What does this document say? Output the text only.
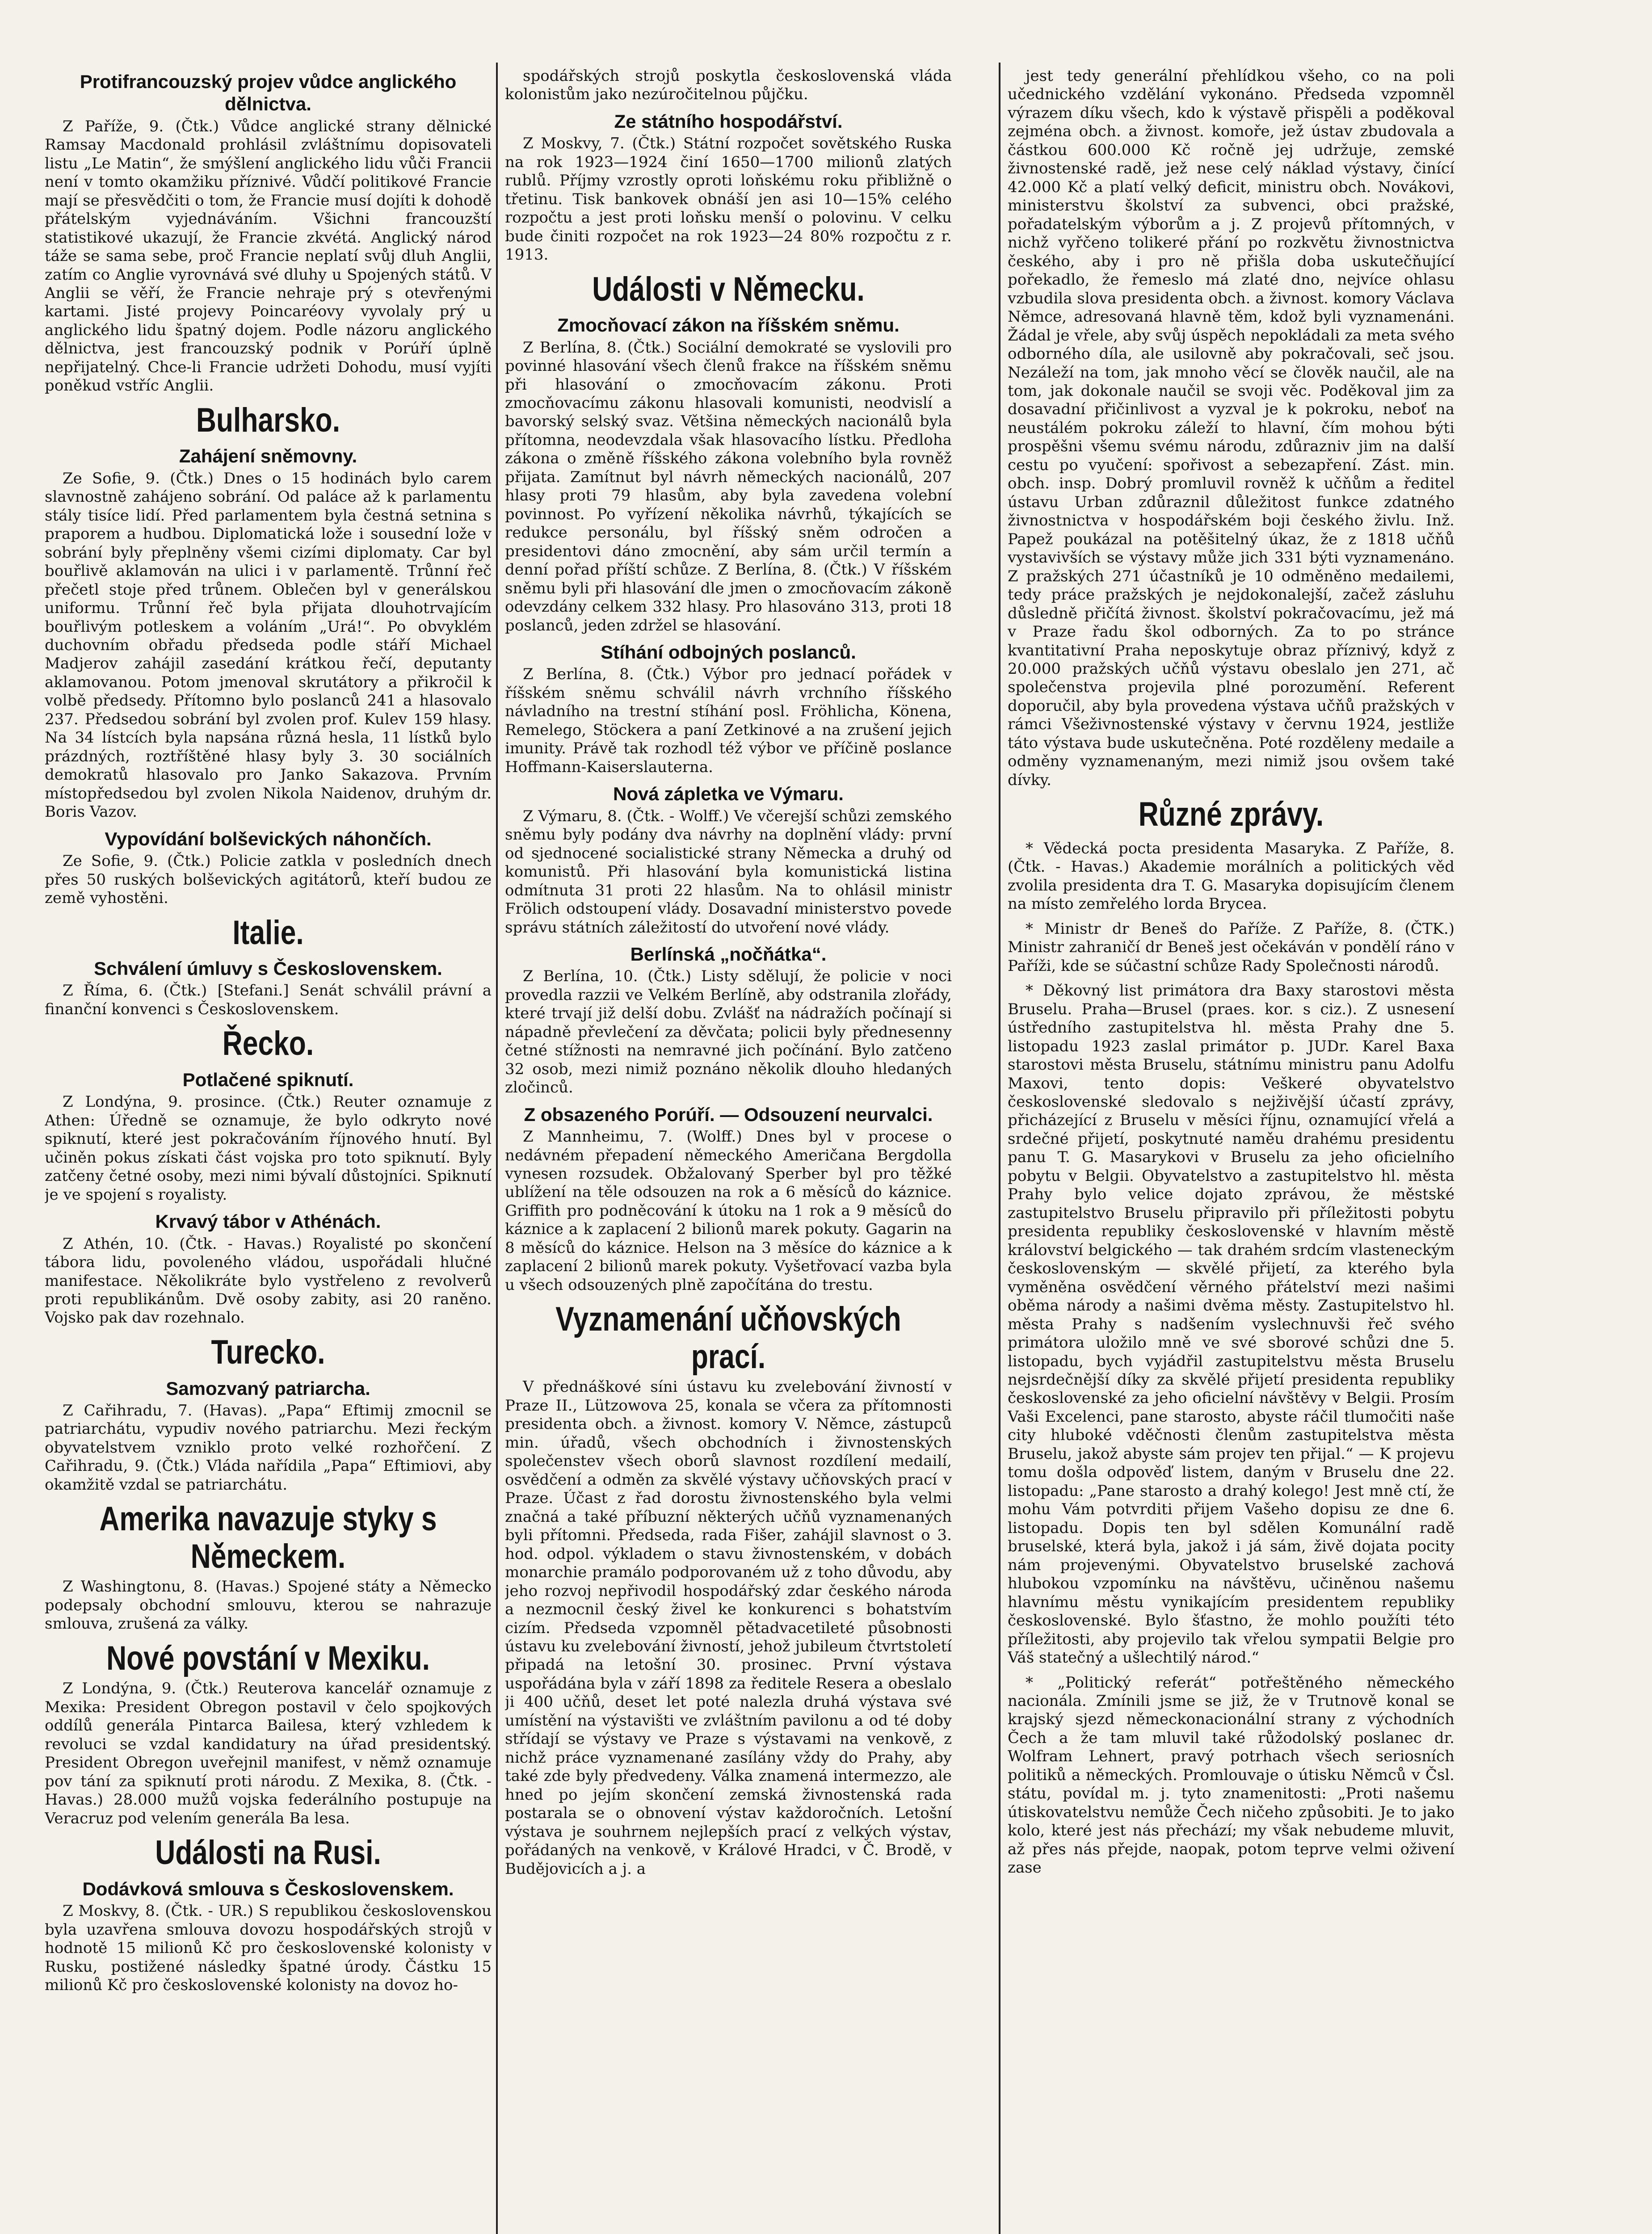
Protifrancouzský projev vůdce anglického dělnictva.

Z Paříže, 9. (Čtk.) Vůdce anglické strany dělnické Ramsay Macdonald prohlásil zvláštnímu dopisovateli listu „Le Matin“, že smýšlení anglického lidu vůči Francii není v tomto okamžiku příznivé. Vůdčí politikové Francie mají se přesvědčiti o tom, že Francie musí dojíti k dohodě přátelským vyjednáváním. Všichni francouzští statistikové ukazují, že Francie zkvétá. Anglický národ táže se sama sebe, proč Francie neplatí svůj dluh Anglii, zatím co Anglie vyrovnává své dluhy u Spojených států. V Anglii se věří, že Francie nehraje prý s otevřenými kartami. Jisté projevy Poincaréovy vyvolaly prý u anglického lidu špatný dojem. Podle názoru anglického dělnictva, jest francouzský podnik v Porúří úplně nepřijatelný. Chce-li Francie udržeti Dohodu, musí vyjíti poněkud vstříc Anglii.

Bulharsko.
Zahájení sněmovny.

Ze Sofie, 9. (Čtk.) Dnes o 15 hodinách bylo carem slavnostně zahájeno sobrání. Od paláce až k parlamentu stály tisíce lidí. Před parlamentem byla čestná setnina s praporem a hudbou. Diplomatická lože i sousední lože v sobrání byly přeplněny všemi cizími diplomaty. Car byl bouřlivě aklamován na ulici i v parlamentě. Trůnní řeč přečetl stoje před trůnem. Oblečen byl v generálskou uniformu. Trůnní řeč byla přijata dlouhotrvajícím bouřlivým potleskem a voláním „Urá!“. Po obvyklém duchovním obřadu předseda podle stáří Michael Madjerov zahájil zasedání krátkou řečí, deputanty aklamovanou. Potom jmenoval skrutátory a přikročil k volbě předsedy. Přítomno bylo poslanců 241 a hlasovalo 237. Předsedou sobrání byl zvolen prof. Kulev 159 hlasy. Na 34 lístcích byla napsána různá hesla, 11 lístků bylo prázdných, roztříštěné hlasy byly 3. 30 sociálních demokratů hlasovalo pro Janko Sakazova. Prvním místopředsedou byl zvolen Nikola Naidenov, druhým dr. Boris Vazov.

Vypovídání bolševických náhončích.

Ze Sofie, 9. (Čtk.) Policie zatkla v posledních dnech přes 50 ruských bolševických agitátorů, kteří budou ze země vyhostěni.

Italie.
Schválení úmluvy s Československem.

Z Říma, 6. (Čtk.) [Stefani.] Senát schválil právní a finanční konvenci s Československem.

Řecko.
Potlačené spiknutí.

Z Londýna, 9. prosince. (Čtk.) Reuter oznamuje z Athen: Úředně se oznamuje, že bylo odkryto nové spiknutí, které jest pokračováním říjnového hnutí. Byl učiněn pokus získati část vojska pro toto spiknutí. Byly zatčeny četné osoby, mezi nimi bývalí důstojníci. Spiknutí je ve spojení s royalisty.

Krvavý tábor v Athénách.

Z Athén, 10. (Čtk. - Havas.) Royalisté po skončení tábora lidu, povoleného vládou, uspořádali hlučné manifestace. Několikráte bylo vystřeleno z revolverů proti republikánům. Dvě osoby zabity, asi 20 raněno. Vojsko pak dav rozehnalo.

Turecko.
Samozvaný patriarcha.

Z Cařihradu, 7. (Havas). „Papa“ Eftimij zmocnil se patriarchátu, vypudiv nového patriarchu. Mezi řeckým obyvatelstvem vzniklo proto velké rozhořčení. Z Cařihradu, 9. (Čtk.) Vláda nařídila „Papa“ Eftimiovi, aby okamžitě vzdal se patriarchátu.

Amerika navazuje styky s Německem.

Z Washingtonu, 8. (Havas.) Spojené státy a Německo podepsaly obchodní smlouvu, kterou se nahrazuje smlouva, zrušená za války.

Nové povstání v Mexiku.

Z Londýna, 9. (Čtk.) Reuterova kancelář oznamuje z Mexika: President Obregon postavil v čelo spojkových oddílů generála Pintarca Bailesa, který vzhledem k revoluci se vzdal kandidatury na úřad presidentský. President Obregon uveřejnil manifest, v němž oznamuje pov tání za spiknutí proti národu. Z Mexika, 8. (Čtk. - Havas.) 28.000 mužů vojska federálního postupuje na Veracruz pod velením generála Ba lesa.

Události na Rusi.
Dodávková smlouva s Československem.

Z Moskvy, 8. (Čtk. - UR.) S republikou československou byla uzavřena smlouva dovozu hospodářských strojů v hodnotě 15 milionů Kč pro československé kolonisty v Rusku, postižené následky špatné úrody. Částku 15 milionů Kč pro československé kolonisty na dovoz ho-

spodářských strojů poskytla československá vláda kolonistům jako nezúročitelnou půjčku.

Ze státního hospodářství.

Z Moskvy, 7. (Čtk.) Státní rozpočet sovětského Ruska na rok 1923—1924 činí 1650—1700 milionů zlatých rublů. Příjmy vzrostly oproti loňskému roku přibližně o třetinu. Tisk bankovek obnáší jen asi 10—15% celého rozpočtu a jest proti loňsku menší o polovinu. V celku bude činiti rozpočet na rok 1923—24 80% rozpočtu z r. 1913.

Události v Německu.
Zmocňovací zákon na říšském sněmu.

Z Berlína, 8. (Čtk.) Sociální demokraté se vyslovili pro povinné hlasování všech členů frakce na říšském sněmu při hlasování o zmocňovacím zákonu. Proti zmocňovacímu zákonu hlasovali komunisti, neodvislí a bavorský selský svaz. Většina německých nacionálů byla přítomna, neodevzdala však hlasovacího lístku. Předloha zákona o změně říšského zákona volebního byla rovněž přijata. Zamítnut byl návrh německých nacionálů, 207 hlasy proti 79 hlasům, aby byla zavedena volební povinnost. Po vyřízení několika návrhů, týkajících se redukce personálu, byl říšský sněm odročen a presidentovi dáno zmocnění, aby sám určil termín a denní pořad příští schůze. Z Berlína, 8. (Čtk.) V říšském sněmu byli při hlasování dle jmen o zmocňovacím zákoně odevzdány celkem 332 hlasy. Pro hlasováno 313, proti 18 poslanců, jeden zdržel se hlasování.

Stíhání odbojných poslanců.

Z Berlína, 8. (Čtk.) Výbor pro jednací pořádek v říšském sněmu schválil návrh vrchního říšského návladního na trestní stíhání posl. Fröhlicha, Könena, Remelego, Stöckera a paní Zetkinové a na zrušení jejich imunity. Právě tak rozhodl též výbor ve příčině poslance Hoffmann-Kaiserslauterna.

Nová zápletka ve Výmaru.

Z Výmaru, 8. (Čtk. - Wolff.) Ve včerejší schůzi zemského sněmu byly podány dva návrhy na doplnění vlády: první od sjednocené socialistické strany Německa a druhý od komunistů. Při hlasování byla komunistická listina odmítnuta 31 proti 22 hlasům. Na to ohlásil ministr Frölich odstoupení vlády. Dosavadní ministerstvo povede správu státních záležitostí do utvoření nové vlády.

Berlínská „nočňátka“.

Z Berlína, 10. (Čtk.) Listy sdělují, že policie v noci provedla razzii ve Velkém Berlíně, aby odstranila zlořády, které trvají již delší dobu. Zvlášť na nádražích počínají si nápadně převlečení za děvčata; policii byly přednesenny četné stížnosti na nemravné jich počínání. Bylo zatčeno 32 osob, mezi nimiž poznáno několik dlouho hledaných zločinců.

Z obsazeného Porúří. — Odsouzení neurvalci.

Z Mannheimu, 7. (Wolff.) Dnes byl v procese o nedávném přepadení německého Američana Bergdolla vynesen rozsudek. Obžalovaný Sperber byl pro těžké ublížení na těle odsouzen na rok a 6 měsíců do káznice. Griffith pro podněcování k útoku na 1 rok a 9 měsíců do káznice a k zaplacení 2 bilionů marek pokuty. Gagarin na 8 měsíců do káznice. Helson na 3 měsíce do káznice a k zaplacení 2 bilionů marek pokuty. Vyšetřovací vazba byla u všech odsouzených plně započítána do trestu.

Vyznamenání učňovských prací.

V přednáškové síni ústavu ku zvelebování živností v Praze II., Lützowova 25, konala se včera za přítomnosti presidenta obch. a živnost. komory V. Němce, zástupců min. úřadů, všech obchodních i živnostenských společenstev všech oborů slavnost rozdílení medailí, osvědčení a odměn za skvělé výstavy učňovských prací v Praze. Účast z řad dorostu živnostenského byla velmi značná a také příbuzní některých učňů vyznamenaných byli přítomni. Předseda, rada Fišer, zahájil slavnost o 3. hod. odpol. výkladem o stavu živnostenském, v dobách monarchie pramálo podporovaném už z toho důvodu, aby jeho rozvoj nepřivodil hospodářský zdar českého národa a nezmocnil český živel ke konkurenci s bohatstvím cizím. Předseda vzpomněl pětadvacetileté působnosti ústavu ku zvelebování živností, jehož jubileum čtvrtstoletí připadá na letošní 30. prosinec. První výstava uspořádána byla v září 1898 za ředitele Resera a obeslalo ji 400 učňů, deset let poté nalezla druhá výstava své umístění na výstavišti ve zvláštním pavilonu a od té doby střídají se výstavy ve Praze s výstavami na venkově, z nichž práce vyznamenané zasílány vždy do Prahy, aby také zde byly předvedeny. Válka znamená intermezzo, ale hned po jejím skončení zemská živnostenská rada postarala se o obnovení výstav každoročních. Letošní výstava je souhrnem nejlepších prací z velkých výstav, pořádaných na venkově, v Králové Hradci, v Č. Brodě, v Budějovicích a j. a

jest tedy generální přehlídkou všeho, co na poli učednického vzdělání vykonáno. Předseda vzpomněl výrazem díku všech, kdo k výstavě přispěli a poděkoval zejména obch. a živnost. komoře, jež ústav zbudovala a částkou 600.000 Kč ročně jej udržuje, zemské živnostenské radě, jež nese celý náklad výstavy, činící 42.000 Kč a platí velký deficit, ministru obch. Novákovi, ministerstvu školství za subvenci, obci pražské, pořadatelským výborům a j. Z projevů přítomných, v nichž vyřčeno tolikeré přání po rozkvětu živnostnictva českého, aby i pro ně přišla doba uskutečňující pořekadlo, že řemeslo má zlaté dno, nejvíce ohlasu vzbudila slova presidenta obch. a živnost. komory Václava Němce, adresovaná hlavně těm, kdož byli vyznamenáni. Žádal je vřele, aby svůj úspěch nepokládali za meta svého odborného díla, ale usilovně aby pokračovali, seč jsou. Nezáleží na tom, jak mnoho věcí se člověk naučil, ale na tom, jak dokonale naučil se svoji věc. Poděkoval jim za dosavadní přičinlivost a vyzval je k pokroku, neboť na neustálém pokroku záleží to hlavní, čím mohou býti prospěšni všemu svému národu, zdůrazniv jim na další cestu po vyučení: spořivost a sebezapření. Zást. min. obch. insp. Dobrý promluvil rovněž k učňům a ředitel ústavu Urban zdůraznil důležitost funkce zdatného živnostnictva v hospodářském boji českého živlu. Inž. Papež poukázal na potěšitelný úkaz, že z 1818 učňů vystavivších se výstavy může jich 331 býti vyznamenáno. Z pražských 271 účastníků je 10 odměněno medailemi, tedy práce pražských je nejdokonalejší, začež zásluhu důsledně přičítá živnost. školství pokračovacímu, jež má v Praze řadu škol odborných. Za to po stránce kvantitativní Praha neposkytuje obraz příznivý, když z 20.000 pražských učňů výstavu obeslalo jen 271, ač společenstva projevila plné porozumění. Referent doporučil, aby byla provedena výstava učňů pražských v rámci Všeživnostenské výstavy v červnu 1924, jestliže táto výstava bude uskutečněna. Poté rozděleny medaile a odměny vyznamenaným, mezi nimiž jsou ovšem také dívky.

Různé zprávy.

* Vědecká pocta presidenta Masaryka. Z Paříže, 8. (Čtk. - Havas.) Akademie morálních a politických věd zvolila presidenta dra T. G. Masaryka dopisujícím členem na místo zemřelého lorda Brycea.

* Ministr dr Beneš do Paříže. Z Paříže, 8. (ČTK.) Ministr zahraničí dr Beneš jest očekáván v pondělí ráno v Paříži, kde se súčastní schůze Rady Společnosti národů.

* Děkovný list primátora dra Baxy starostovi města Bruselu. Praha—Brusel (praes. kor. s ciz.). Z usnesení ústředního zastupitelstva hl. města Prahy dne 5. listopadu 1923 zaslal primátor p. JUDr. Karel Baxa starostovi města Bruselu, státnímu ministru panu Adolfu Maxovi, tento dopis: Veškeré obyvatelstvo československé sledovalo s nejživější účastí zprávy, přicházející z Bruselu v měsíci říjnu, oznamující vřelá a srdečné přijetí, poskytnuté naměu drahému presidentu panu T. G. Masarykovi v Bruselu za jeho oficielního pobytu v Belgii. Obyvatelstvo a zastupitelstvo hl. města Prahy bylo velice dojato zprávou, že městské zastupitelstvo Bruselu připravilo při příležitosti pobytu presidenta republiky československé v hlavním městě království belgického — tak drahém srdcím vlasteneckým československým — skvělé přijetí, za kterého byla vyměněna osvědčení věrného přátelství mezi našimi oběma národy a našimi dvěma městy. Zastupitelstvo hl. města Prahy s nadšením vyslechnuvši řeč svého primátora uložilo mně ve své sborové schůzi dne 5. listopadu, bych vyjádřil zastupitelstvu města Bruselu nejsrdečnější díky za skvělé přijetí presidenta republiky československé za jeho oficielní návštěvy v Belgii. Prosím Vaši Excelenci, pane starosto, abyste ráčil tlumočiti naše city hluboké vděčnosti členům zastupitelstva města Bruselu, jakož abyste sám projev ten přijal.“ — K projevu tomu došla odpověď listem, daným v Bruselu dne 22. listopadu: „Pane starosto a drahý kolego! Jest mně ctí, že mohu Vám potvrditi přijem Vašeho dopisu ze dne 6. listopadu. Dopis ten byl sdělen Komunální radě bruselské, která byla, jakož i já sám, živě dojata pocity nám projevenými. Obyvatelstvo bruselské zachová hlubokou vzpomínku na návštěvu, učiněnou našemu hlavnímu městu vynikajícím presidentem republiky československé. Bylo šťastno, že mohlo použíti této příležitosti, aby projevilo tak vřelou sympatii Belgie pro Váš statečný a ušlechtilý národ.“

* „Politický referát“ potřeštěného německého nacionála. Zmínili jsme se již, že v Trutnově konal se krajský sjezd německonacionální strany z východních Čech a že tam mluvil také růžodolský poslanec dr. Wolfram Lehnert, pravý potrhach všech seriosních politiků a německých. Promlouvaje o útisku Němců v Čsl. státu, povídal m. j. tyto znamenitosti: „Proti našemu útiskovatelstvu nemůže Čech ničeho způsobiti. Je to jako kolo, které jest nás přechází; my však nebudeme mluvit, až přes nás přejde, naopak, potom teprve velmi oživení zase
